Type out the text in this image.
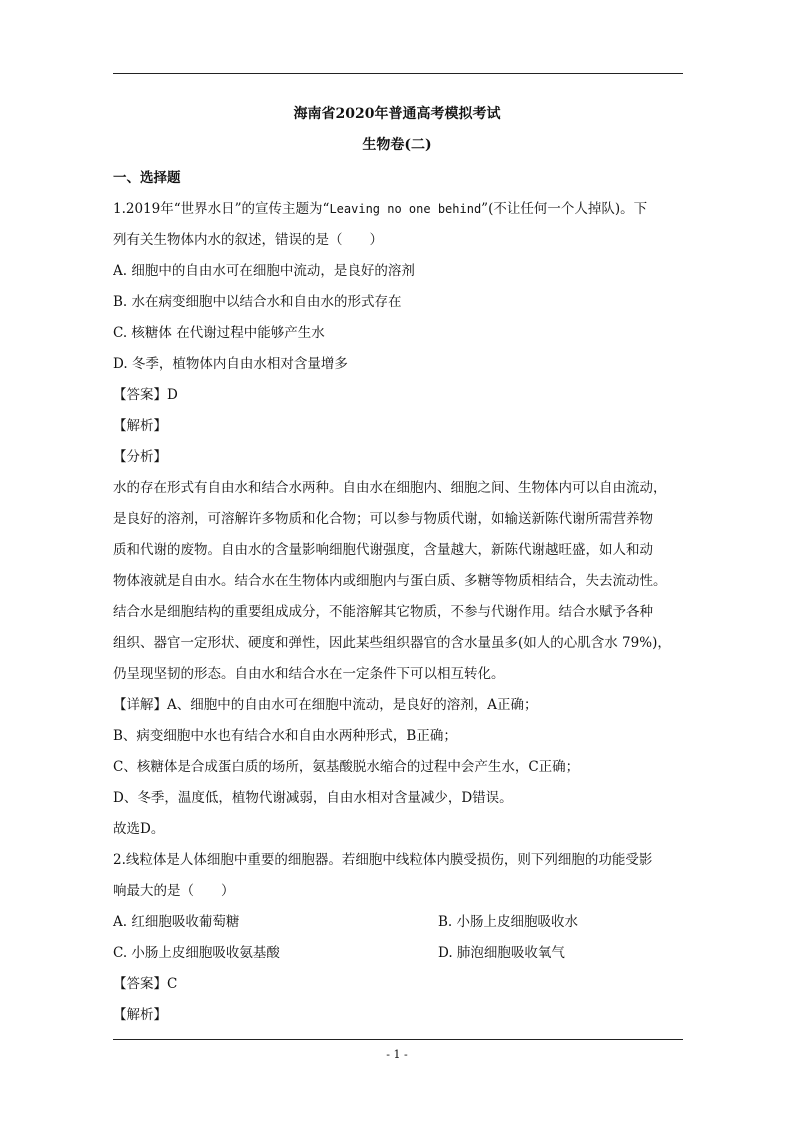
海南省2020年普通高考模拟考试
生物卷(二)
一、选择题
1.2019年“世界水日”的宣传主题为“Leaving no one behind”(不让任何一个人掉队)。下
列有关生物体内水的叙述，错误的是（　　）
A. 细胞中的自由水可在细胞中流动，是良好的溶剂
B. 水在病变细胞中以结合水和自由水的形式存在
C. 核糖体 在代谢过程中能够产生水
D. 冬季，植物体内自由水相对含量增多
【答案】D
【解析】
【分析】
水的存在形式有自由水和结合水两种。自由水在细胞内、细胞之间、生物体内可以自由流动，
是良好的溶剂，可溶解许多物质和化合物；可以参与物质代谢，如输送新陈代谢所需营养物
质和代谢的废物。自由水的含量影响细胞代谢强度，含量越大，新陈代谢越旺盛，如人和动
物体液就是自由水。结合水在生物体内或细胞内与蛋白质、多糖等物质相结合，失去流动性。
结合水是细胞结构的重要组成成分，不能溶解其它物质，不参与代谢作用。结合水赋予各种
组织、器官一定形状、硬度和弹性，因此某些组织器官的含水量虽多(如人的心肌含水 79%)，
仍呈现坚韧的形态。自由水和结合水在一定条件下可以相互转化。
【详解】A、细胞中的自由水可在细胞中流动，是良好的溶剂，A正确；
B、病变细胞中水也有结合水和自由水两种形式，B正确；
C、核糖体是合成蛋白质的场所，氨基酸脱水缩合的过程中会产生水，C正确；
D、冬季，温度低，植物代谢减弱，自由水相对含量减少，D错误。
故选D。
2.线粒体是人体细胞中重要的细胞器。若细胞中线粒体内膜受损伤，则下列细胞的功能受影
响最大的是（　　）
A. 红细胞吸收葡萄糖	B. 小肠上皮细胞吸收水
C. 小肠上皮细胞吸收氨基酸	D. 肺泡细胞吸收氧气
【答案】C
【解析】
- 1 -
